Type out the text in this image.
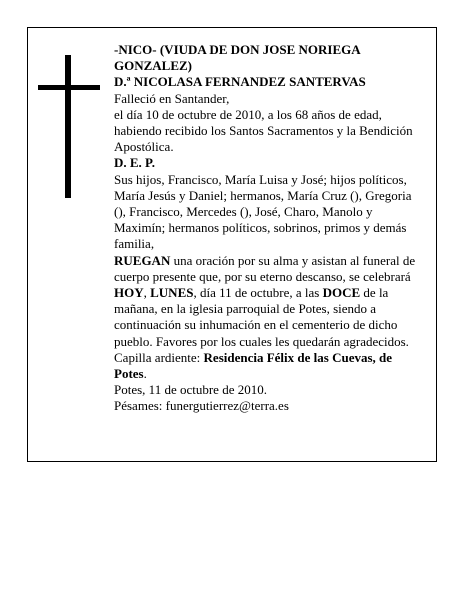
-NICO- (VIUDA DE DON JOSE NORIEGA

GONZALEZ)

D.ª NICOLASA FERNANDEZ SANTERVAS

Falleció en Santander,

el día 10 de octubre de 2010, a los 68 años de edad, habiendo recibido los Santos Sacramentos y la Bendición Apostólica.

D. E. P.

Sus hijos, Francisco, María Luisa y José; hijos políticos, María Jesús y Daniel; hermanos, María Cruz (), Gregoria (), Francisco, Mercedes (), José, Charo, Manolo y Maximín; hermanos políticos, sobrinos, primos y demás familia,

RUEGAN una oración por su alma y asistan al funeral de cuerpo presente que, por su eterno descanso, se celebrará HOY, LUNES, día 11 de octubre, a las DOCE de la mañana, en la iglesia parroquial de Potes, siendo a continuación su inhumación en el cementerio de dicho pueblo. Favores por los cuales les quedarán agradecidos.

Capilla ardiente: Residencia Félix de las Cuevas, de Potes.

Potes, 11 de octubre de 2010.

Pésames: funergutierrez@terra.es
